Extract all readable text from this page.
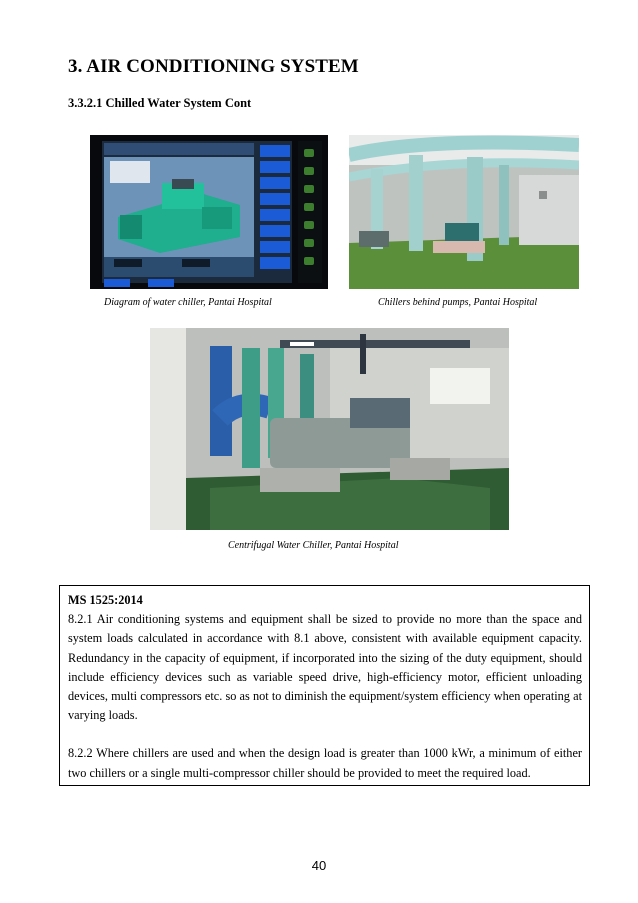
3. AIR CONDITIONING SYSTEM
3.3.2.1 Chilled Water System Cont
Diagram of water chiller, Pantai Hospital	Chillers behind pumps, Pantai Hospital
Centrifugal Water Chiller, Pantai Hospital

MS 1525:2014

8.2.1 Air conditioning systems and equipment shall be sized to provide no more than the space and system loads calculated in accordance with 8.1 above, consistent with available equipment capacity. Redundancy in the capacity of equipment, if incorporated into the sizing of the duty equipment, should include efficiency devices such as variable speed drive, high-efficiency motor, efficient unloading devices, multi compressors etc. so as not to diminish the equipment/system efficiency when operating at varying loads.

8.2.2 Where chillers are used and when the design load is greater than 1000 kWr, a minimum of either two chillers or a single multi-compressor chiller should be provided to meet the required load.

40
